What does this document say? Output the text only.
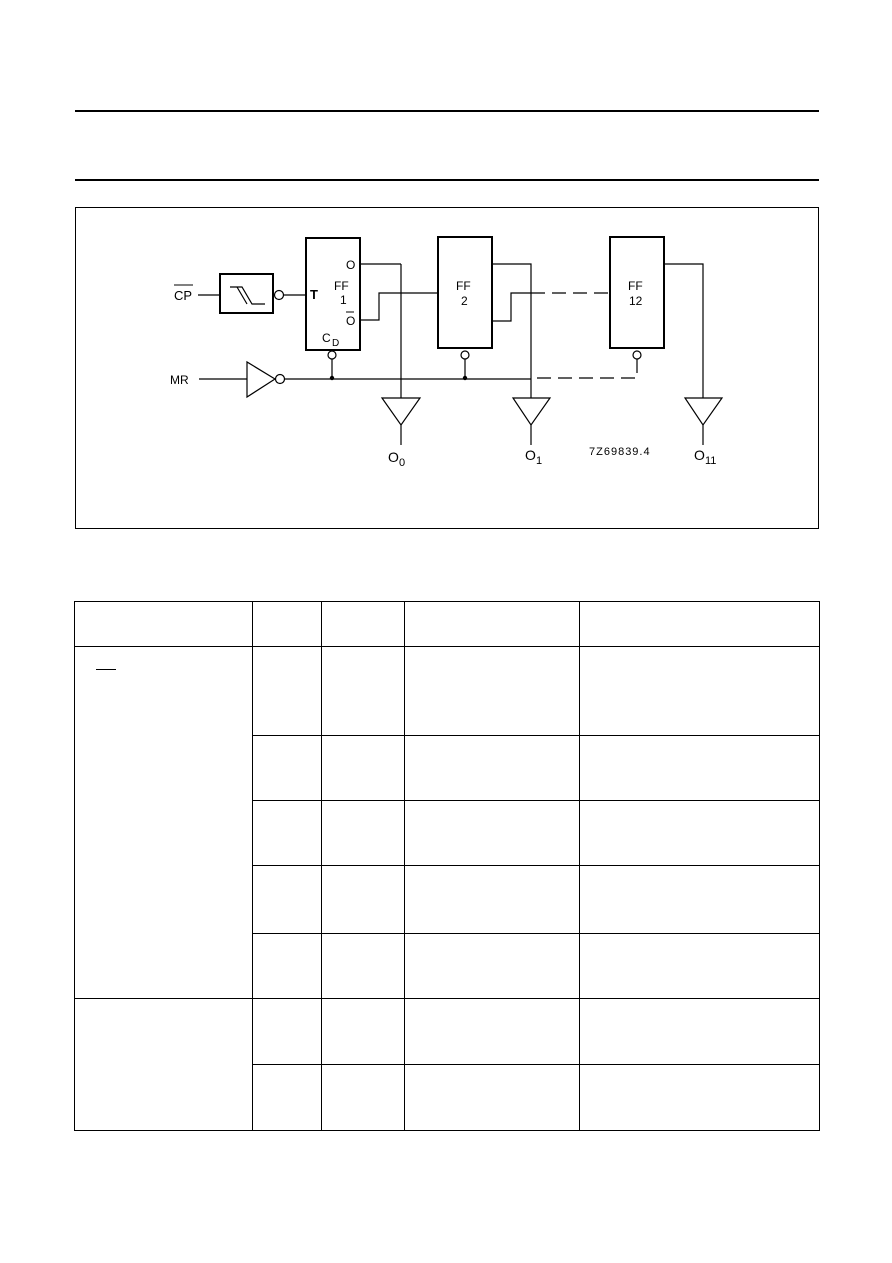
CP	T
O
O
FF
1
C D
FF
2
FF
12
MR
O 0	O 1	O 11
7Z69839.4
